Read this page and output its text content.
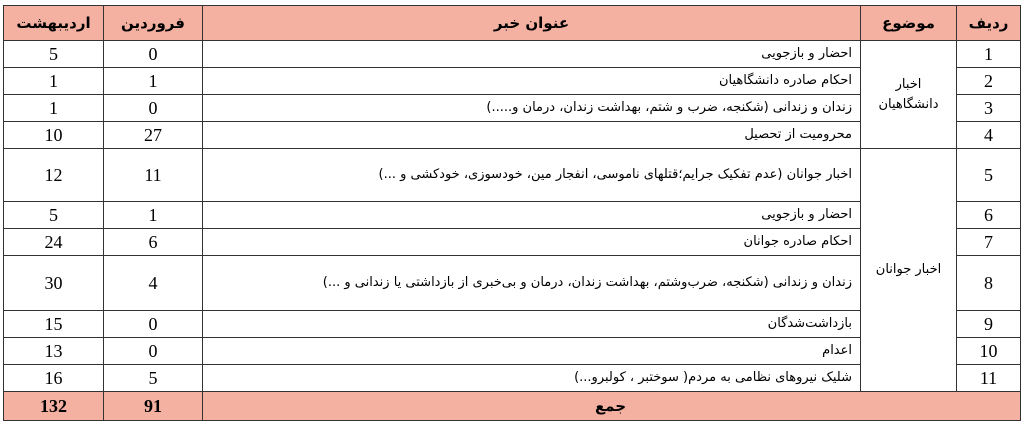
ردیف	موضوع	عنوان خبر	فروردین	اردیبهشت
1	اخبار دانشگاهیان	احضار و بازجویی	0	5
2		احکام صادره دانشگاهیان	1	1
3		زندان و زندانی (شکنجه، ضرب و شتم، بهداشت زندان، درمان و.....)	0	1
4		محرومیت از تحصیل	27	10
5	اخبار جوانان	اخبار جوانان (عدم تفکیک جرایم؛قتلهای ناموسی، انفجار مین، خودسوزی، خودکشی و ...)	11	12
6		احضار و بازجویی	1	5
7		احکام صادره جوانان	6	24
8		زندان و زندانی (شکنجه، ضرب‌وشتم، بهداشت زندان، درمان و بی‌خبری از بازداشتی یا زندانی و ...)	4	30
9		بازداشت‌شدگان	0	15
10		اعدام	0	13
11		شلیک نیروهای نظامی به مردم( سوختبر ، کولبرو...)	5	16
جمع			91	132
